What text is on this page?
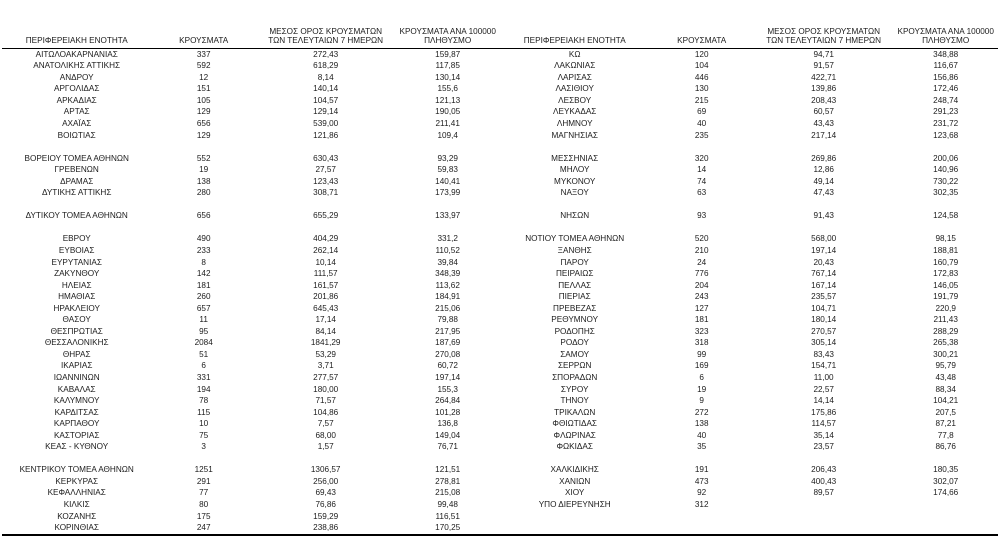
ΠΕΡΙΦΕΡΕΙΑΚΗ ΕΝΟΤΗΤΑ	ΚΡΟΥΣΜΑΤΑ

ΜΕΣΟΣ ΟΡΟΣ ΚΡΟΥΣΜΑΤΩΝ
ΤΩΝ ΤΕΛΕΥΤΑΙΩΝ 7 ΗΜΕΡΩΝ

ΚΡΟΥΣΜΑΤΑ ΑΝΑ 100000
ΠΛΗΘΥΣΜΟ

ΑΙΤΩΛΟΑΚΑΡΝΑΝΙΑΣ	337	272,43	159,87
ΑΝΑΤΟΛΙΚΗΣ ΑΤΤΙΚΗΣ	592	618,29	117,85
ΑΝΔΡΟΥ	12	8,14	130,14
ΑΡΓΟΛΙΔΑΣ	151	140,14	155,6
ΑΡΚΑΔΙΑΣ	105	104,57	121,13
ΑΡΤΑΣ	129	129,14	190,05
ΑΧΑΪΑΣ	656	539,00	211,41
ΒΟΙΩΤΙΑΣ	129	121,86	109,4

ΒΟΡΕΙΟΥ ΤΟΜΕΑ ΑΘΗΝΩΝ	552	630,43	93,29
ΓΡΕΒΕΝΩΝ	19	27,57	59,83
ΔΡΑΜΑΣ	138	123,43	140,41
ΔΥΤΙΚΗΣ ΑΤΤΙΚΗΣ	280	308,71	173,99

ΔΥΤΙΚΟΥ ΤΟΜΕΑ ΑΘΗΝΩΝ	656	655,29	133,97

ΕΒΡΟΥ	490	404,29	331,2
ΕΥΒΟΙΑΣ	233	262,14	110,52
ΕΥΡΥΤΑΝΙΑΣ	8	10,14	39,84
ΖΑΚΥΝΘΟΥ	142	111,57	348,39
ΗΛΕΙΑΣ	181	161,57	113,62
ΗΜΑΘΙΑΣ	260	201,86	184,91
ΗΡΑΚΛΕΙΟΥ	657	645,43	215,06
ΘΑΣΟΥ	11	17,14	79,88
ΘΕΣΠΡΩΤΙΑΣ	95	84,14	217,95
ΘΕΣΣΑΛΟΝΙΚΗΣ	2084	1841,29	187,69
ΘΗΡΑΣ	51	53,29	270,08
ΙΚΑΡΙΑΣ	6	3,71	60,72
ΙΩΑΝΝΙΝΩΝ	331	277,57	197,14
ΚΑΒΑΛΑΣ	194	180,00	155,3
ΚΑΛΥΜΝΟΥ	78	71,57	264,84
ΚΑΡΔΙΤΣΑΣ	115	104,86	101,28
ΚΑΡΠΑΘΟΥ	10	7,57	136,8
ΚΑΣΤΟΡΙΑΣ	75	68,00	149,04
ΚΕΑΣ - ΚΥΘΝΟΥ	3	1,57	76,71

ΚΕΝΤΡΙΚΟΥ ΤΟΜΕΑ ΑΘΗΝΩΝ	1251	1306,57	121,51
ΚΕΡΚΥΡΑΣ	291	256,00	278,81
ΚΕΦΑΛΛΗΝΙΑΣ	77	69,43	215,08
ΚΙΛΚΙΣ	80	76,86	99,48
ΚΟΖΑΝΗΣ	175	159,29	116,51
ΚΟΡΙΝΘΙΑΣ	247	238,86	170,25
ΠΕΡΙΦΕΡΕΙΑΚΗ ΕΝΟΤΗΤΑ	ΚΡΟΥΣΜΑΤΑ

ΜΕΣΟΣ ΟΡΟΣ ΚΡΟΥΣΜΑΤΩΝ
ΤΩΝ ΤΕΛΕΥΤΑΙΩΝ 7 ΗΜΕΡΩΝ

ΚΡΟΥΣΜΑΤΑ ΑΝΑ 100000
ΠΛΗΘΥΣΜΟ

ΚΩ	120	94,71	348,88
ΛΑΚΩΝΙΑΣ	104	91,57	116,67
ΛΑΡΙΣΑΣ	446	422,71	156,86
ΛΑΣΙΘΙΟΥ	130	139,86	172,46
ΛΕΣΒΟΥ	215	208,43	248,74
ΛΕΥΚΑΔΑΣ	69	60,57	291,23
ΛΗΜΝΟΥ	40	43,43	231,72
ΜΑΓΝΗΣΙΑΣ	235	217,14	123,68

ΜΕΣΣΗΝΙΑΣ	320	269,86	200,06
ΜΗΛΟΥ	14	12,86	140,96
ΜΥΚΟΝΟΥ	74	49,14	730,22
ΝΑΞΟΥ	63	47,43	302,35

ΝΗΣΩΝ	93	91,43	124,58

ΝΟΤΙΟΥ ΤΟΜΕΑ ΑΘΗΝΩΝ	520	568,00	98,15
ΞΑΝΘΗΣ	210	197,14	188,81
ΠΑΡΟΥ	24	20,43	160,79
ΠΕΙΡΑΙΩΣ	776	767,14	172,83
ΠΕΛΛΑΣ	204	167,14	146,05
ΠΙΕΡΙΑΣ	243	235,57	191,79
ΠΡΕΒΕΖΑΣ	127	104,71	220,9
ΡΕΘΥΜΝΟΥ	181	180,14	211,43
ΡΟΔΟΠΗΣ	323	270,57	288,29
ΡΟΔΟΥ	318	305,14	265,38
ΣΑΜΟΥ	99	83,43	300,21
ΣΕΡΡΩΝ	169	154,71	95,79
ΣΠΟΡΑΔΩΝ	6	11,00	43,48
ΣΥΡΟΥ	19	22,57	88,34
ΤΗΝΟΥ	9	14,14	104,21
ΤΡΙΚΑΛΩΝ	272	175,86	207,5
ΦΘΙΩΤΙΔΑΣ	138	114,57	87,21
ΦΛΩΡΙΝΑΣ	40	35,14	77,8
ΦΩΚΙΔΑΣ	35	23,57	86,76

ΧΑΛΚΙΔΙΚΗΣ	191	206,43	180,35
ΧΑΝΙΩΝ	473	400,43	302,07
ΧΙΟΥ	92	89,57	174,66
ΥΠΟ ΔΙΕΡΕΥΝΗΣΗ	312		
